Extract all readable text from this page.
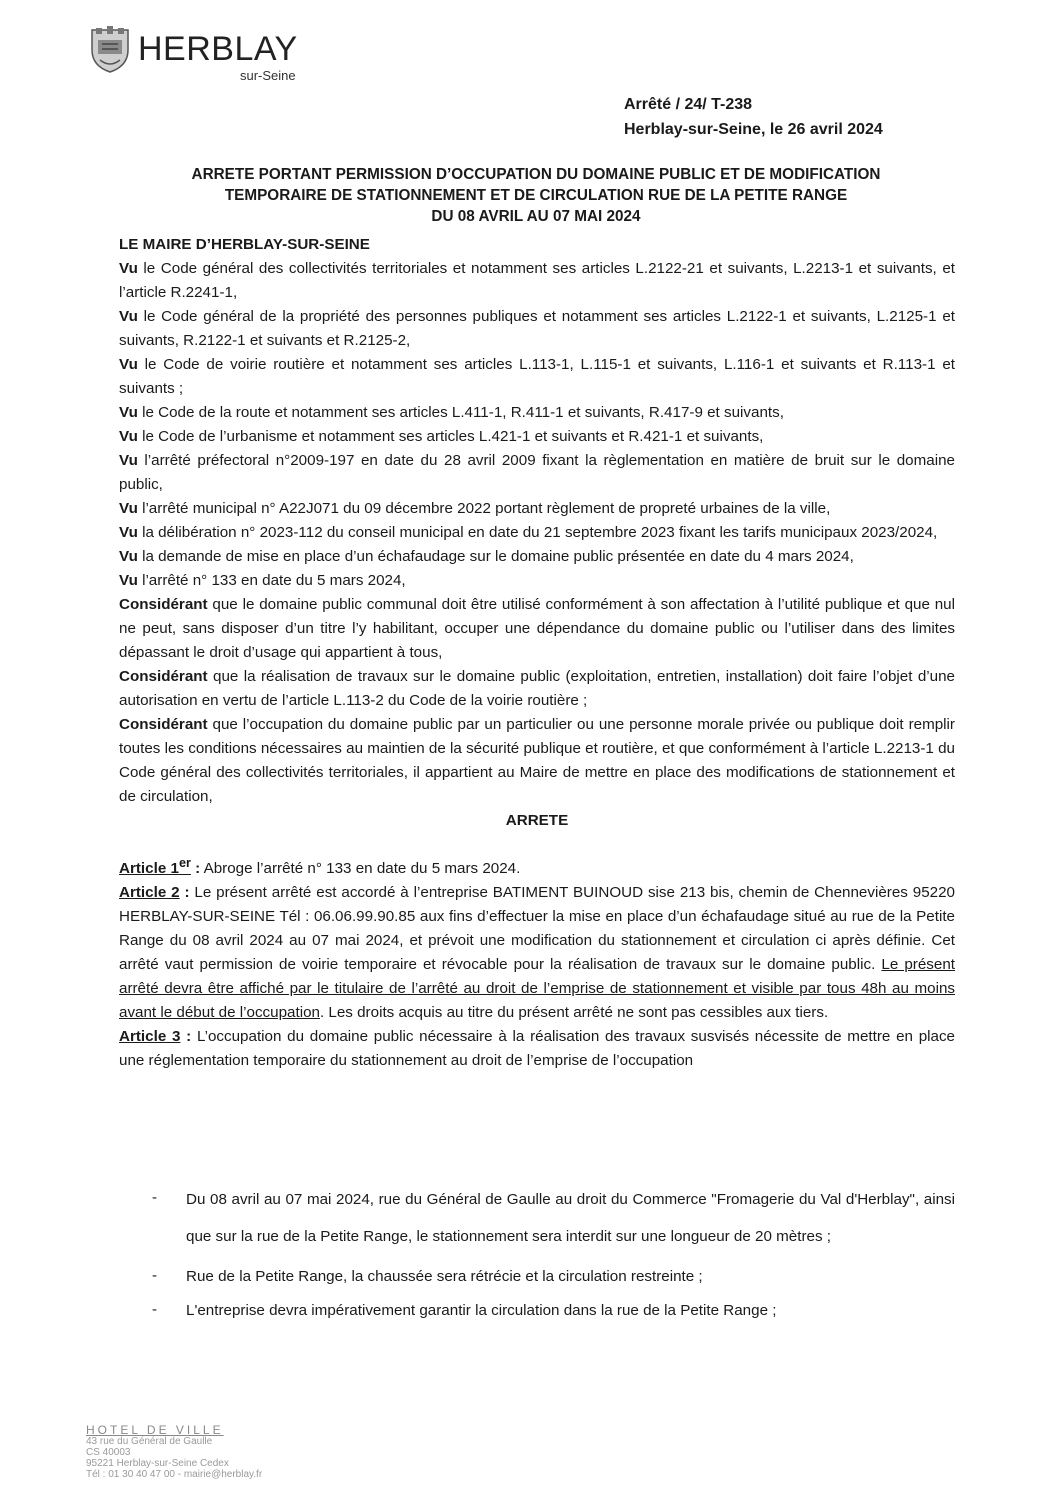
HERBLAY
sur-Seine
Arrêté / 24/ T-238
Herblay-sur-Seine, le 26 avril 2024
ARRETE PORTANT PERMISSION D’OCCUPATION DU DOMAINE PUBLIC ET DE MODIFICATION
TEMPORAIRE DE STATIONNEMENT ET DE CIRCULATION RUE DE LA PETITE RANGE
DU 08 AVRIL AU 07 MAI 2024

LE MAIRE D’HERBLAY-SUR-SEINE

Vu le Code général des collectivités territoriales et notamment ses articles L.2122-21 et suivants, L.2213-1 et suivants, et l’article R.2241-1,

Vu le Code général de la propriété des personnes publiques et notamment ses articles L.2122-1 et suivants, L.2125-1 et suivants, R.2122-1 et suivants et R.2125-2,

Vu le Code de voirie routière et notamment ses articles L.113-1, L.115-1 et suivants, L.116-1 et suivants et R.113-1 et suivants ;

Vu le Code de la route et notamment ses articles L.411-1, R.411-1 et suivants, R.417-9 et suivants,

Vu le Code de l’urbanisme et notamment ses articles L.421-1 et suivants et R.421-1 et suivants,

Vu l’arrêté préfectoral n°2009-197 en date du 28 avril 2009 fixant la règlementation en matière de bruit sur le domaine public,

Vu l’arrêté municipal n° A22J071 du 09 décembre 2022 portant règlement de propreté urbaines de la ville,

Vu la délibération n° 2023-112 du conseil municipal en date du 21 septembre 2023 fixant les tarifs municipaux 2023/2024,

Vu la demande de mise en place d’un échafaudage sur le domaine public présentée en date du 4 mars 2024,

Vu l’arrêté n° 133 en date du 5 mars 2024,

Considérant que le domaine public communal doit être utilisé conformément à son affectation à l’utilité publique et que nul ne peut, sans disposer d’un titre l’y habilitant, occuper une dépendance du domaine public ou l’utiliser dans des limites dépassant le droit d’usage qui appartient à tous,

Considérant que la réalisation de travaux sur le domaine public (exploitation, entretien, installation) doit faire l’objet d’une autorisation en vertu de l’article L.113-2 du Code de la voirie routière ;

Considérant que l’occupation du domaine public par un particulier ou une personne morale privée ou publique doit remplir toutes les conditions nécessaires au maintien de la sécurité publique et routière, et que conformément à l’article L.2213-1 du Code général des collectivités territoriales, il appartient au Maire de mettre en place des modifications de stationnement et de circulation,

ARRETE

Article 1er : Abroge l’arrêté n° 133 en date du 5 mars 2024.

Article 2 : Le présent arrêté est accordé à l’entreprise BATIMENT BUINOUD sise 213 bis, chemin de Chennevières 95220 HERBLAY-SUR-SEINE Tél : 06.06.99.90.85 aux fins d’effectuer la mise en place d’un échafaudage situé au rue de la Petite Range du 08 avril 2024 au 07 mai 2024, et prévoit une modification du stationnement et circulation ci après définie. Cet arrêté vaut permission de voirie temporaire et révocable pour la réalisation de travaux sur le domaine public. Le présent arrêté devra être affiché par le titulaire de l’arrêté au droit de l’emprise de stationnement et visible par tous 48h au moins avant le début de l’occupation. Les droits acquis au titre du présent arrêté ne sont pas cessibles aux tiers.

Article 3 : L’occupation du domaine public nécessaire à la réalisation des travaux susvisés nécessite de mettre en place une réglementation temporaire du stationnement au droit de l’emprise de l’occupation

-	Du 08 avril au 07 mai 2024, rue du Général de Gaulle au droit du Commerce "Fromagerie du Val d'Herblay", ainsi que sur la rue de la Petite Range, le stationnement sera interdit sur une longueur de 20 mètres ;
-	Rue de la Petite Range, la chaussée sera rétrécie et la circulation restreinte ;
-	L'entreprise devra impérativement garantir la circulation dans la rue de la Petite Range ;
HOTEL DE VILLE
43 rue du Général de Gaulle
CS 40003
95221 Herblay-sur-Seine Cedex
Tél : 01 30 40 47 00 - mairie@herblay.fr
